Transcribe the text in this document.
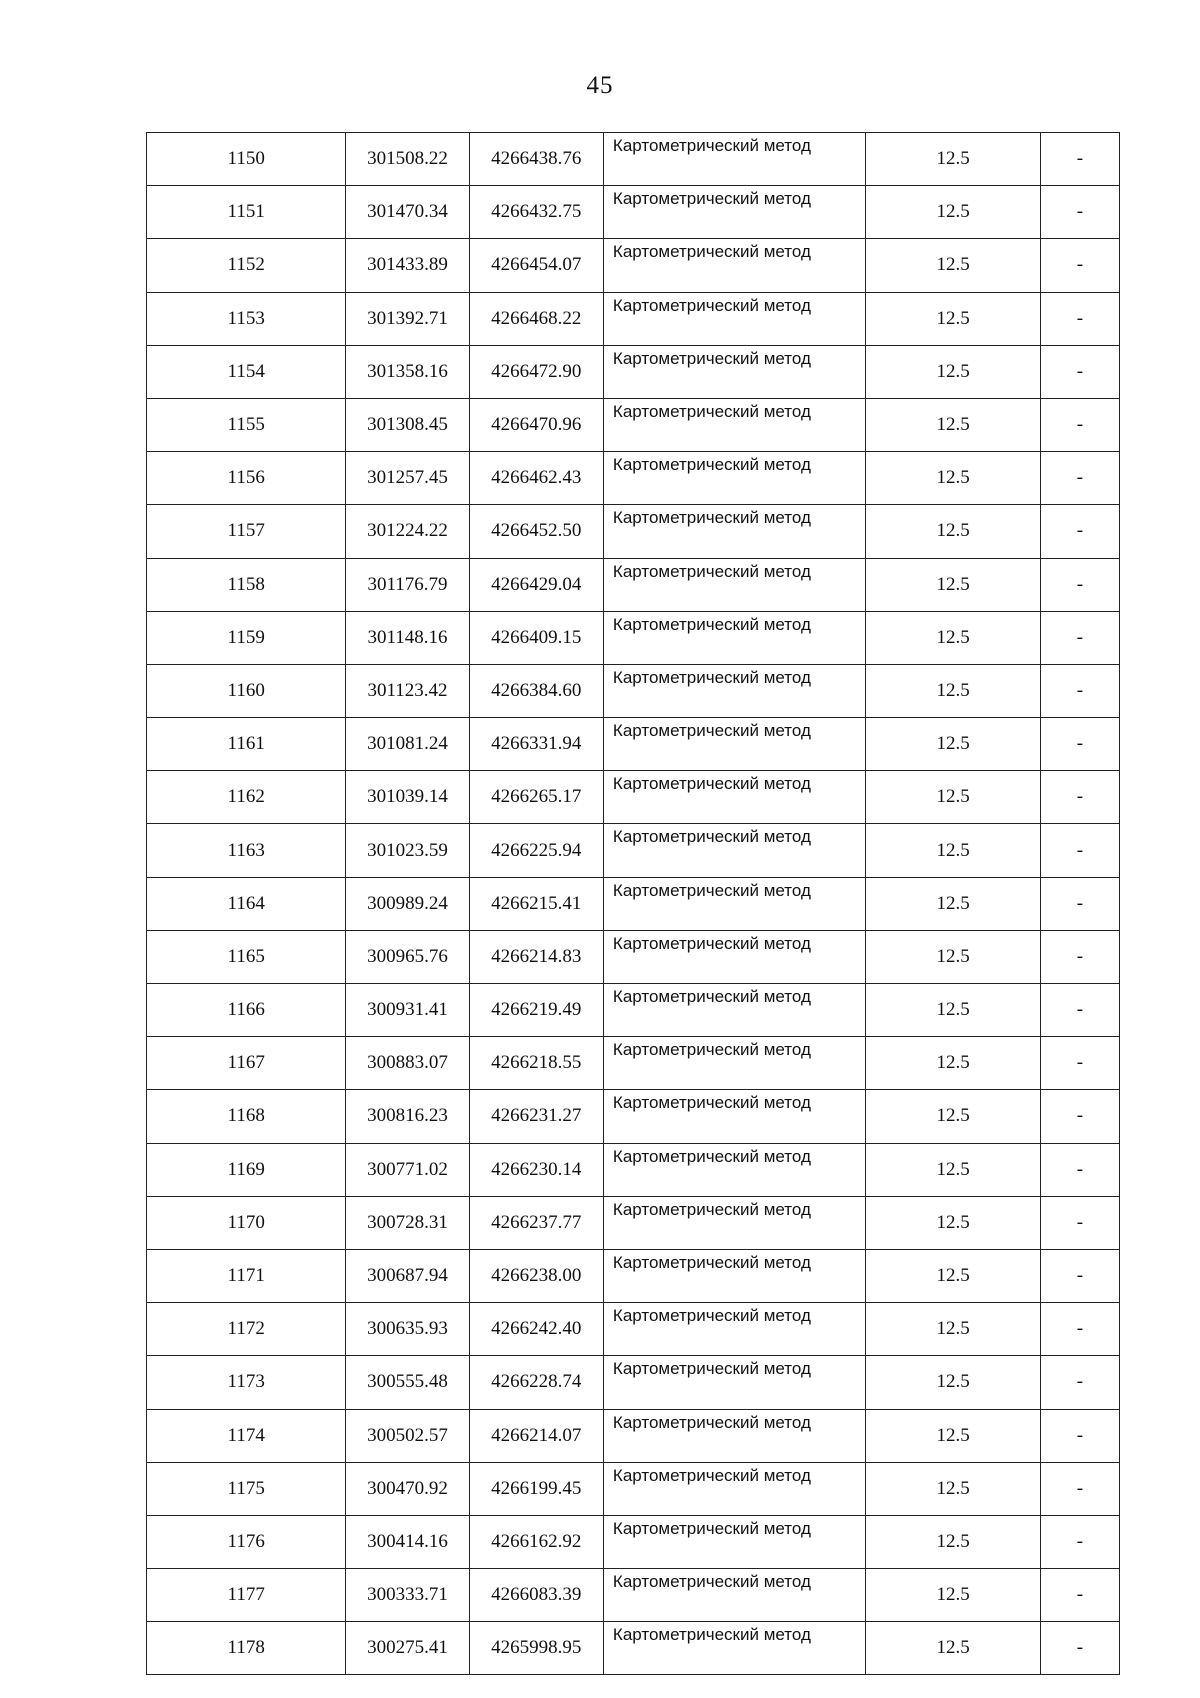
45
1150	301508.22	4266438.76	Картометрический метод	12.5	-
1151	301470.34	4266432.75	Картометрический метод	12.5	-
1152	301433.89	4266454.07	Картометрический метод	12.5	-
1153	301392.71	4266468.22	Картометрический метод	12.5	-
1154	301358.16	4266472.90	Картометрический метод	12.5	-
1155	301308.45	4266470.96	Картометрический метод	12.5	-
1156	301257.45	4266462.43	Картометрический метод	12.5	-
1157	301224.22	4266452.50	Картометрический метод	12.5	-
1158	301176.79	4266429.04	Картометрический метод	12.5	-
1159	301148.16	4266409.15	Картометрический метод	12.5	-
1160	301123.42	4266384.60	Картометрический метод	12.5	-
1161	301081.24	4266331.94	Картометрический метод	12.5	-
1162	301039.14	4266265.17	Картометрический метод	12.5	-
1163	301023.59	4266225.94	Картометрический метод	12.5	-
1164	300989.24	4266215.41	Картометрический метод	12.5	-
1165	300965.76	4266214.83	Картометрический метод	12.5	-
1166	300931.41	4266219.49	Картометрический метод	12.5	-
1167	300883.07	4266218.55	Картометрический метод	12.5	-
1168	300816.23	4266231.27	Картометрический метод	12.5	-
1169	300771.02	4266230.14	Картометрический метод	12.5	-
1170	300728.31	4266237.77	Картометрический метод	12.5	-
1171	300687.94	4266238.00	Картометрический метод	12.5	-
1172	300635.93	4266242.40	Картометрический метод	12.5	-
1173	300555.48	4266228.74	Картометрический метод	12.5	-
1174	300502.57	4266214.07	Картометрический метод	12.5	-
1175	300470.92	4266199.45	Картометрический метод	12.5	-
1176	300414.16	4266162.92	Картометрический метод	12.5	-
1177	300333.71	4266083.39	Картометрический метод	12.5	-
1178	300275.41	4265998.95	Картометрический метод	12.5	-
